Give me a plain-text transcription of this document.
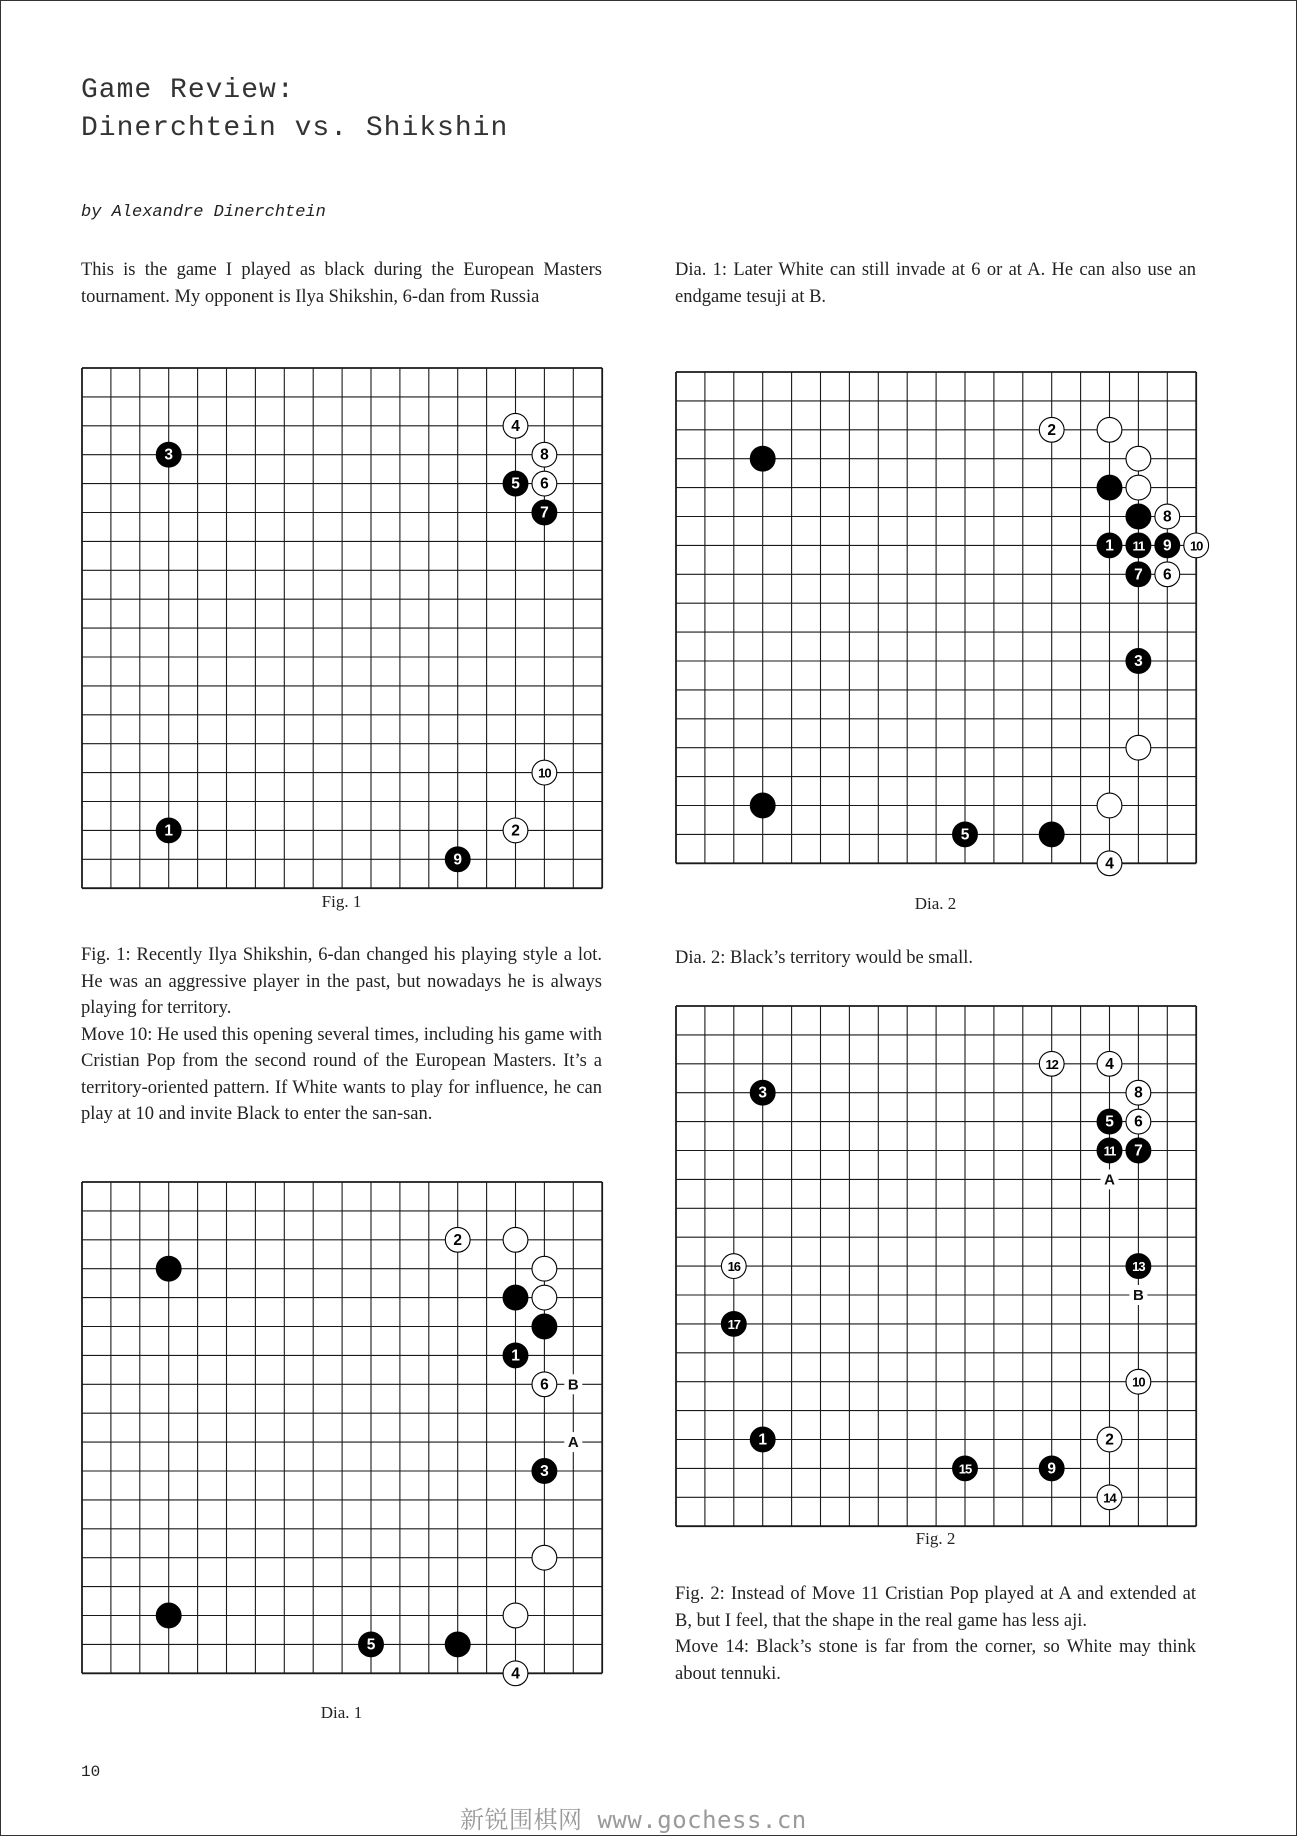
Game Review:
Dinerchtein vs. Shikshin
by Alexandre Dinerchtein

This is the game I played as black during the European Masters tournament. My opponent is Ilya Shikshin, 6-dan from Russia

4
3	8
5 6
7
10
1	2
9
Fig. 1

Fig. 1: Recently Ilya Shikshin, 6-dan changed his playing style a lot. He was an aggressive player in the past, but nowadays he is always playing for territory.

Move 10: He used this opening several times, including his game with Cristian Pop from the second round of the European Masters. It’s a territory-oriented pattern. If White wants to play for influence, he can play at 10 and invite Black to enter the san-san.

B
A
2
1
6
3
5
4
Dia. 1

Dia. 1: Later White can still invade at 6 or at A. He can also use an endgame tesuji at B.

2
8
1 11 9 10
7 6
3
5
4
Dia. 2

Dia. 2: Black’s territory would be small.

A
B
12	4
3	8
5 6
11 7
16	13
17
10
1	2
15	9
14
Fig. 2

Fig. 2: Instead of Move 11 Cristian Pop played at A and extended at B, but I feel, that the shape in the real game has less aji.

Move 14: Black’s stone is far from the corner, so White may think about tennuki.

10
新锐围棋网 www.gochess.cn
